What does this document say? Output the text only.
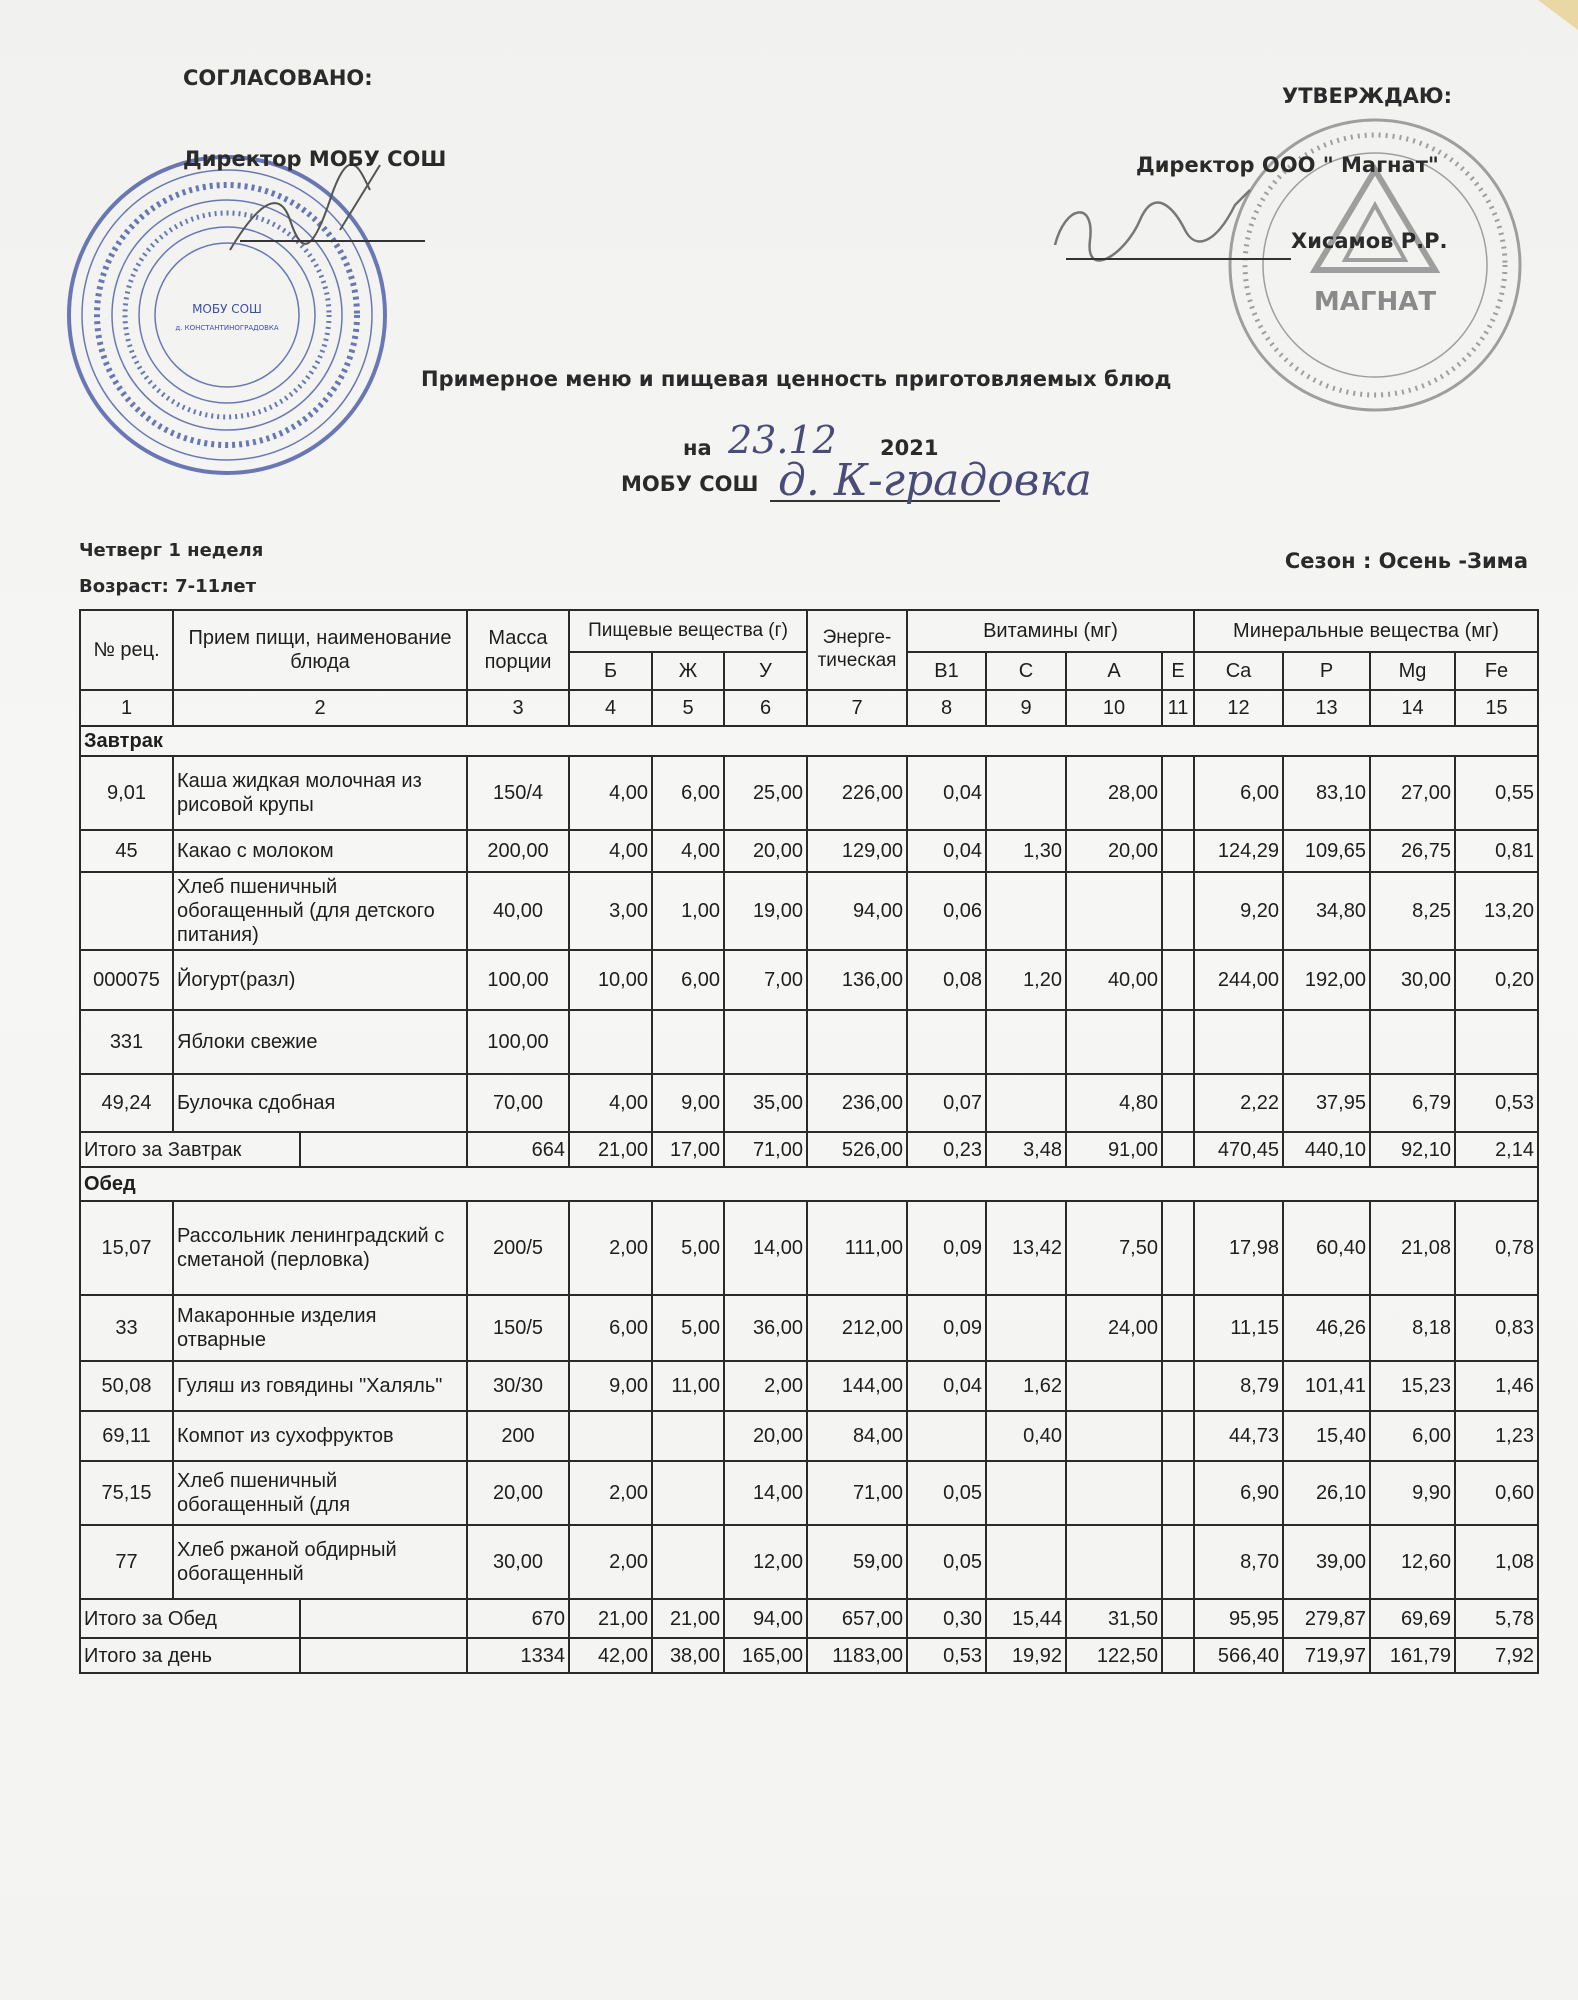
МОБУ СОШ
д. КОНСТАНТИНОГРАДОВКА
МАГНАТ
СОГЛАСОВАНО:
Директор МОБУ СОШ
УТВЕРЖДАЮ:
Директор ООО " Магнат"
Хисамов Р.Р.
Примерное меню и пищевая ценность приготовляемых блюд
на 23.12 2021
МОБУ СОШ д. К-градовка
Четверг 1 неделя
Возраст: 7-11лет
Сезон : Осень -Зима
№ рец.	Прием пищи, наименование блюда	Масса порции	Пищевые вещества (г)			Энерге-тическая	Витамины (мг)				Минеральные вещества (мг)			
			Б	Ж	У		B1	C	A	E	Ca	P	Mg	Fe
1	2	3	4	5	6	7	8	9	10	11	12	13	14	15
Завтрак														
9,01	Каша жидкая молочная из рисовой крупы	150/4	4,00	6,00	25,00	226,00	0,04		28,00		6,00	83,10	27,00	0,55
45	Какао с молоком	200,00	4,00	4,00	20,00	129,00	0,04	1,30	20,00		124,29	109,65	26,75	0,81
	Хлеб пшеничный обогащенный (для детского питания)	40,00	3,00	1,00	19,00	94,00	0,06				9,20	34,80	8,25	13,20
000075	Йогурт(разл)	100,00	10,00	6,00	7,00	136,00	0,08	1,20	40,00		244,00	192,00	30,00	0,20
331	Яблоки свежие	100,00												
49,24	Булочка сдобная	70,00	4,00	9,00	35,00	236,00	0,07		4,80		2,22	37,95	6,79	0,53
Итого за Завтрак		664	21,00	17,00	71,00	526,00	0,23	3,48	91,00		470,45	440,10	92,10	2,14
Обед														
15,07	Рассольник ленинградский с сметаной (перловка)	200/5	2,00	5,00	14,00	111,00	0,09	13,42	7,50		17,98	60,40	21,08	0,78
33	Макаронные изделия отварные	150/5	6,00	5,00	36,00	212,00	0,09		24,00		11,15	46,26	8,18	0,83
50,08	Гуляш из говядины "Халяль"	30/30	9,00	11,00	2,00	144,00	0,04	1,62			8,79	101,41	15,23	1,46
69,11	Компот из сухофруктов	200			20,00	84,00		0,40			44,73	15,40	6,00	1,23
75,15	Хлеб пшеничный обогащенный (для	20,00	2,00		14,00	71,00	0,05				6,90	26,10	9,90	0,60
77	Хлеб ржаной обдирный обогащенный	30,00	2,00		12,00	59,00	0,05				8,70	39,00	12,60	1,08
Итого за Обед		670	21,00	21,00	94,00	657,00	0,30	15,44	31,50		95,95	279,87	69,69	5,78
Итого за день		1334	42,00	38,00	165,00	1183,00	0,53	19,92	122,50		566,40	719,97	161,79	7,92
